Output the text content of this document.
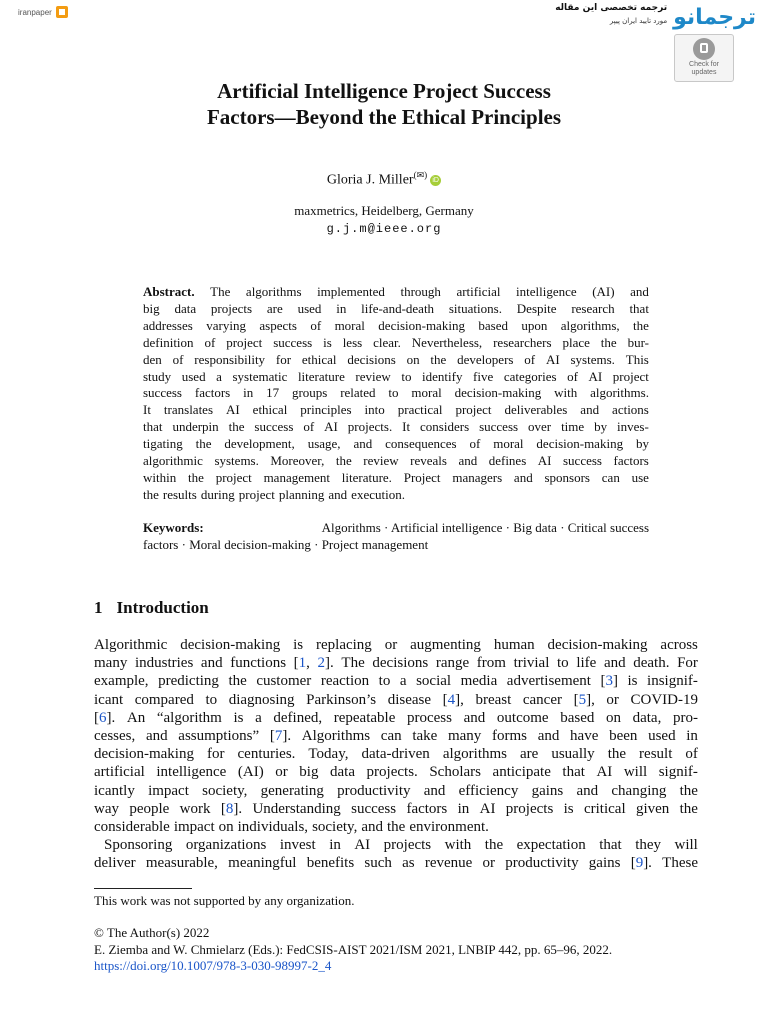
iranpaper	ترجمه تخصصی این مقاله
مورد تایید ایران پیپر ترجمانو
Check for
updates
Artificial Intelligence Project Success
Factors—Beyond the Ethical Principles
Gloria J. Miller(✉)iD
maxmetrics, Heidelberg, Germany
g.j.m@ieee.org
Abstract. The algorithms implemented through artificial intelligence (AI) and
big data projects are used in life-and-death situations. Despite research that
addresses varying aspects of moral decision-making based upon algorithms, the
definition of project success is less clear. Nevertheless, researchers place the bur-
den of responsibility for ethical decisions on the developers of AI systems. This
study used a systematic literature review to identify five categories of AI project
success factors in 17 groups related to moral decision-making with algorithms.
It translates AI ethical principles into practical project deliverables and actions
that underpin the success of AI projects. It considers success over time by inves-
tigating the development, usage, and consequences of moral decision-making by
algorithmic systems. Moreover, the review reveals and defines AI success factors
within the project management literature. Project managers and sponsors can use
the results during project planning and execution.
Keywords:	Algorithms · Artificial intelligence · Big data · Critical success
factors · Moral decision-making · Project management
1 Introduction
Algorithmic decision-making is replacing or augmenting human decision-making across
many industries and functions [1, 2]. The decisions range from trivial to life and death. For
example, predicting the customer reaction to a social media advertisement [3] is insignif-
icant compared to diagnosing Parkinson’s disease [4], breast cancer [5], or COVID-19
[6]. An “algorithm is a defined, repeatable process and outcome based on data, pro-
cesses, and assumptions” [7]. Algorithms can take many forms and have been used in
decision-making for centuries. Today, data-driven algorithms are usually the result of
artificial intelligence (AI) or big data projects. Scholars anticipate that AI will signif-
icantly impact society, generating productivity and efficiency gains and changing the
way people work [8]. Understanding success factors in AI projects is critical given the
considerable impact on individuals, society, and the environment.
Sponsoring organizations invest in AI projects with the expectation that they will
deliver measurable, meaningful benefits such as revenue or productivity gains [9]. These
This work was not supported by any organization.
© The Author(s) 2022
E. Ziemba and W. Chmielarz (Eds.): FedCSIS-AIST 2021/ISM 2021, LNBIP 442, pp. 65–96, 2022.
https://doi.org/10.1007/978-3-030-98997-2_4
